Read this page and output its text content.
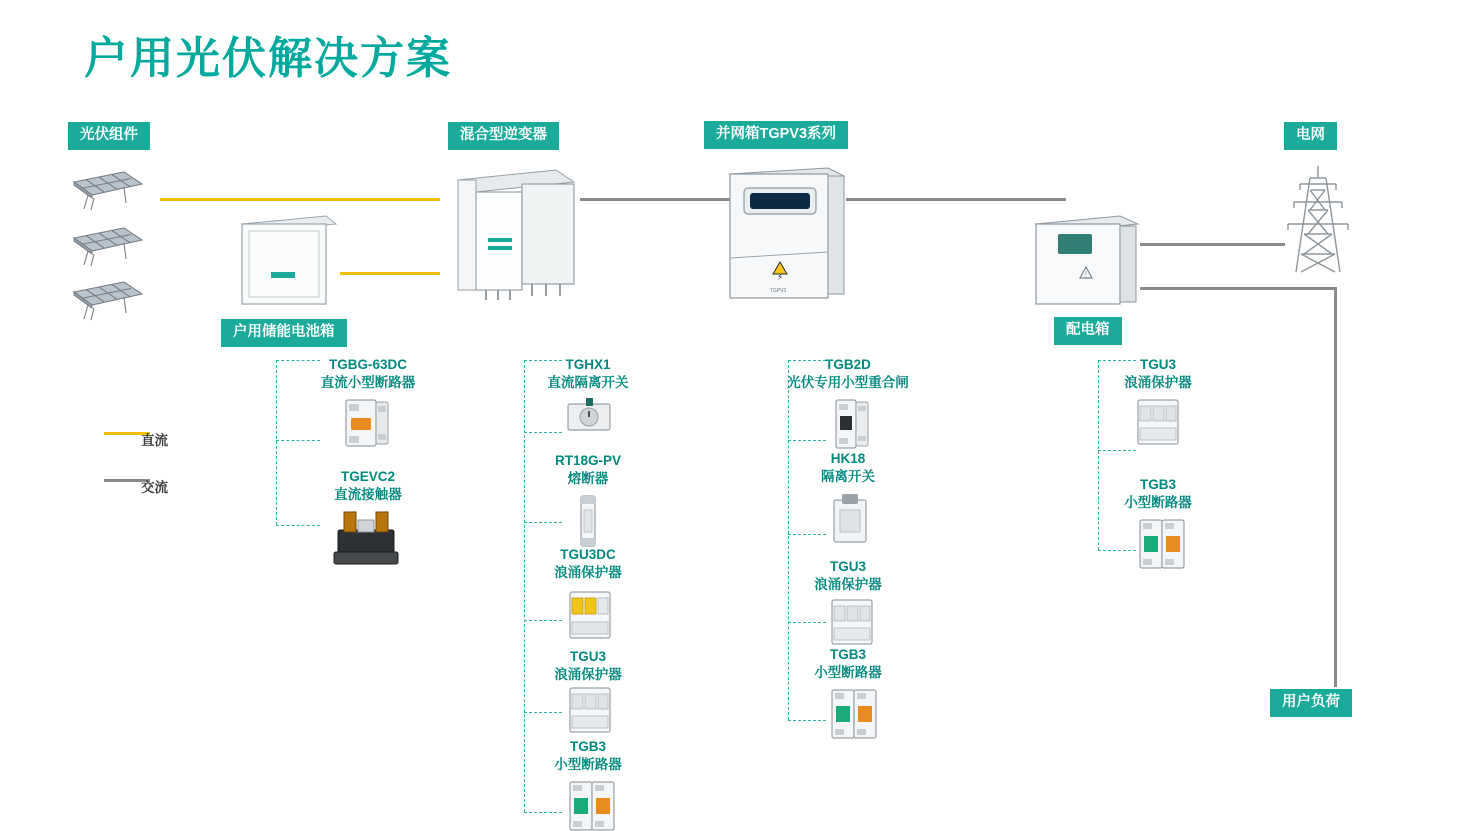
户用光伏解决方案
光伏组件	混合型逆变器	并网箱TGPV3系列	电网
户用储能电池箱	配电箱
用户负荷
直流
交流
⚡
TGPV3
!
TGBG-63DC
直流小型断路器
TGEVC2
直流接触器
TGHX1
直流隔离开关
RT18G-PV
熔断器
TGU3DC
浪涌保护器
TGU3
浪涌保护器
TGB3
小型断路器
TGB2D
光伏专用小型重合闸
HK18
隔离开关
TGU3
浪涌保护器
TGB3
小型断路器
TGU3
浪涌保护器
TGB3
小型断路器
